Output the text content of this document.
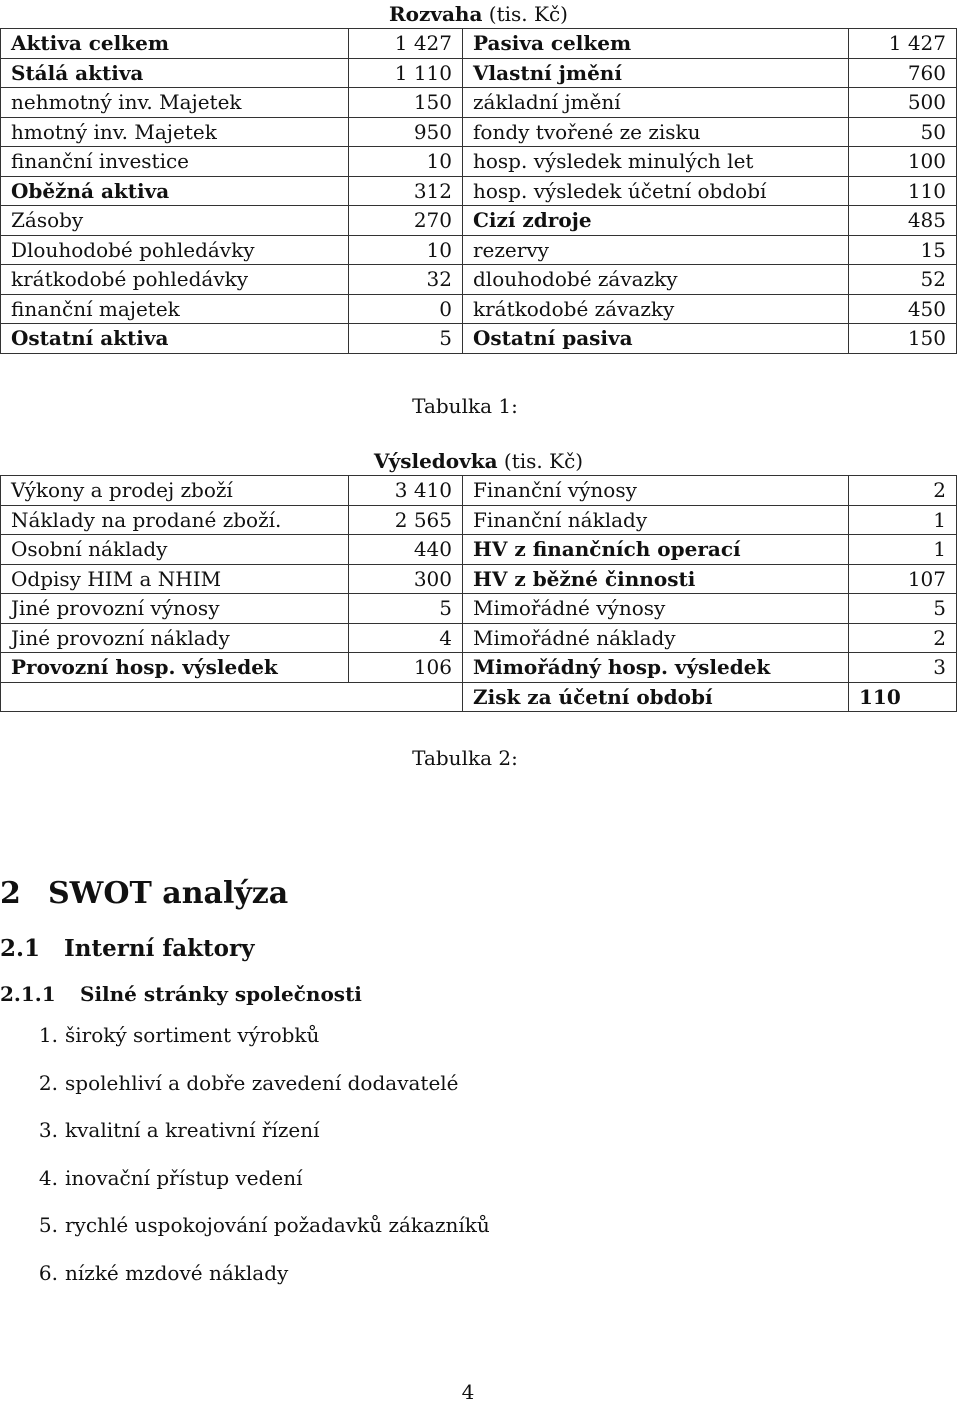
Rozvaha (tis. Kč)			
Aktiva celkem	1 427	Pasiva celkem	1 427
Stálá aktiva	1 110	Vlastní jmění	760
nehmotný inv. Majetek	150	základní jmění	500
hmotný inv. Majetek	950	fondy tvořené ze zisku	50
finanční investice	10	hosp. výsledek minulých let	100
Oběžná aktiva	312	hosp. výsledek účetní období	110
Zásoby	270	Cizí zdroje	485
Dlouhodobé pohledávky	10	rezervy	15
krátkodobé pohledávky	32	dlouhodobé závazky	52
finanční majetek	0	krátkodobé závazky	450
Ostatní aktiva	5	Ostatní pasiva	150
Tabulka 1:
Výsledovka (tis. Kč)			
Výkony a prodej zboží	3 410	Finanční výnosy	2
Náklady na prodané zboží.	2 565	Finanční náklady	1
Osobní náklady	440	HV z finančních operací	1
Odpisy HIM a NHIM	300	HV z běžné činnosti	107
Jiné provozní výnosy	5	Mimořádné výnosy	5
Jiné provozní náklady	4	Mimořádné náklady	2
Provozní hosp. výsledek	106	Mimořádný hosp. výsledek	3
		Zisk za účetní období	110
Tabulka 2:
2 SWOT analýza
2.1 Interní faktory
2.1.1 Silné stránky společnosti
1. široký sortiment výrobků
2. spolehliví a dobře zavedení dodavatelé
3. kvalitní a kreativní řízení
4. inovační přístup vedení
5. rychlé uspokojování požadavků zákazníků
6. nízké mzdové náklady
4
